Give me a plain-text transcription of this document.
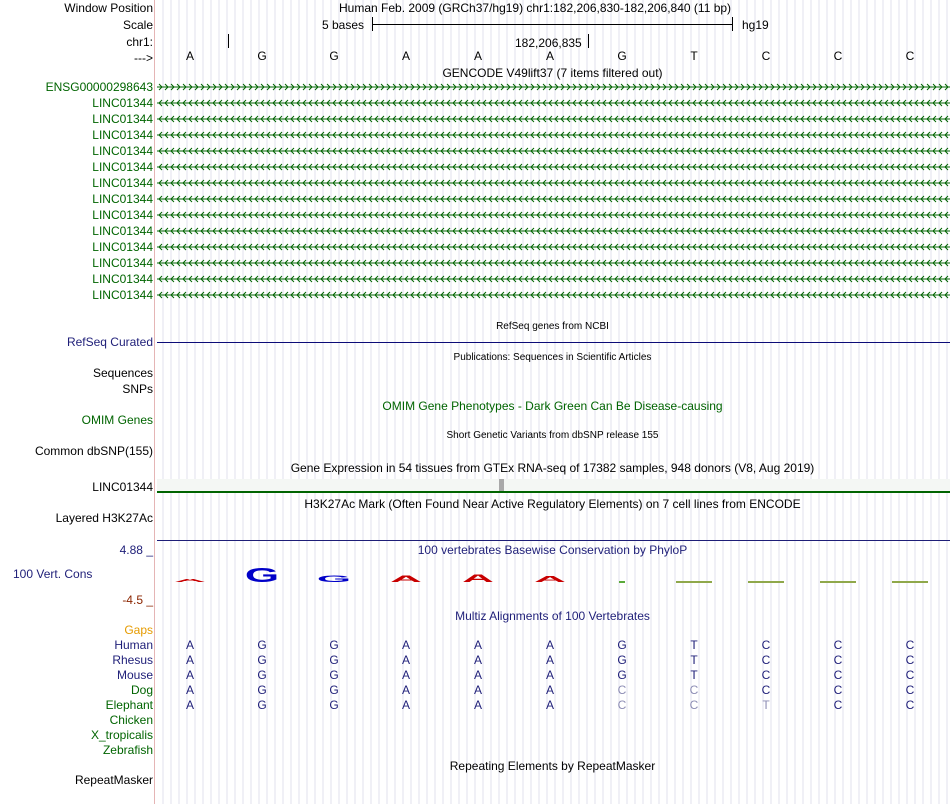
Window Position	Human Feb. 2009 (GRCh37/hg19) chr1:182,206,830-182,206,840 (11 bp)
Scale	5 bases	hg19
chr1:	182,206,835
--->	A	G	G	A	A	A	G	T	C	C	C
GENCODE V49lift37 (7 items filtered out)
ENSG00000298643
LINC01344
LINC01344
LINC01344
LINC01344
LINC01344
LINC01344
LINC01344
LINC01344
LINC01344
LINC01344
LINC01344
LINC01344
LINC01344
RefSeq genes from NCBI
RefSeq Curated
Publications: Sequences in Scientific Articles
Sequences
SNPs
OMIM Gene Phenotypes - Dark Green Can Be Disease-causing
OMIM Genes
Short Genetic Variants from dbSNP release 155
Common dbSNP(155)
Gene Expression in 54 tissues from GTEx RNA-seq of 17382 samples, 948 donors (V8, Aug 2019)
LINC01344
H3K27Ac Mark (Often Found Near Active Regulatory Elements) on 7 cell lines from ENCODE
Layered H3K27Ac
100 vertebrates Basewise Conservation by PhyloP
4.88 _
100 Vert. Cons
-4.5 _
A G G A A A
Multiz Alignments of 100 Vertebrates
Gaps
Human	A	G	G	A	A	A	G	T	C	C	C
Rhesus	A	G	G	A	A	A	G	T	C	C	C
Mouse	A	G	G	A	A	A	G	T	C	C	C
Dog	A	G	G	A	A	A	C	C	C	C	C
Elephant	A	G	G	A	A	A	C	C	T	C	C
Chicken
X_tropicalis
Zebrafish
Repeating Elements by RepeatMasker
RepeatMasker
